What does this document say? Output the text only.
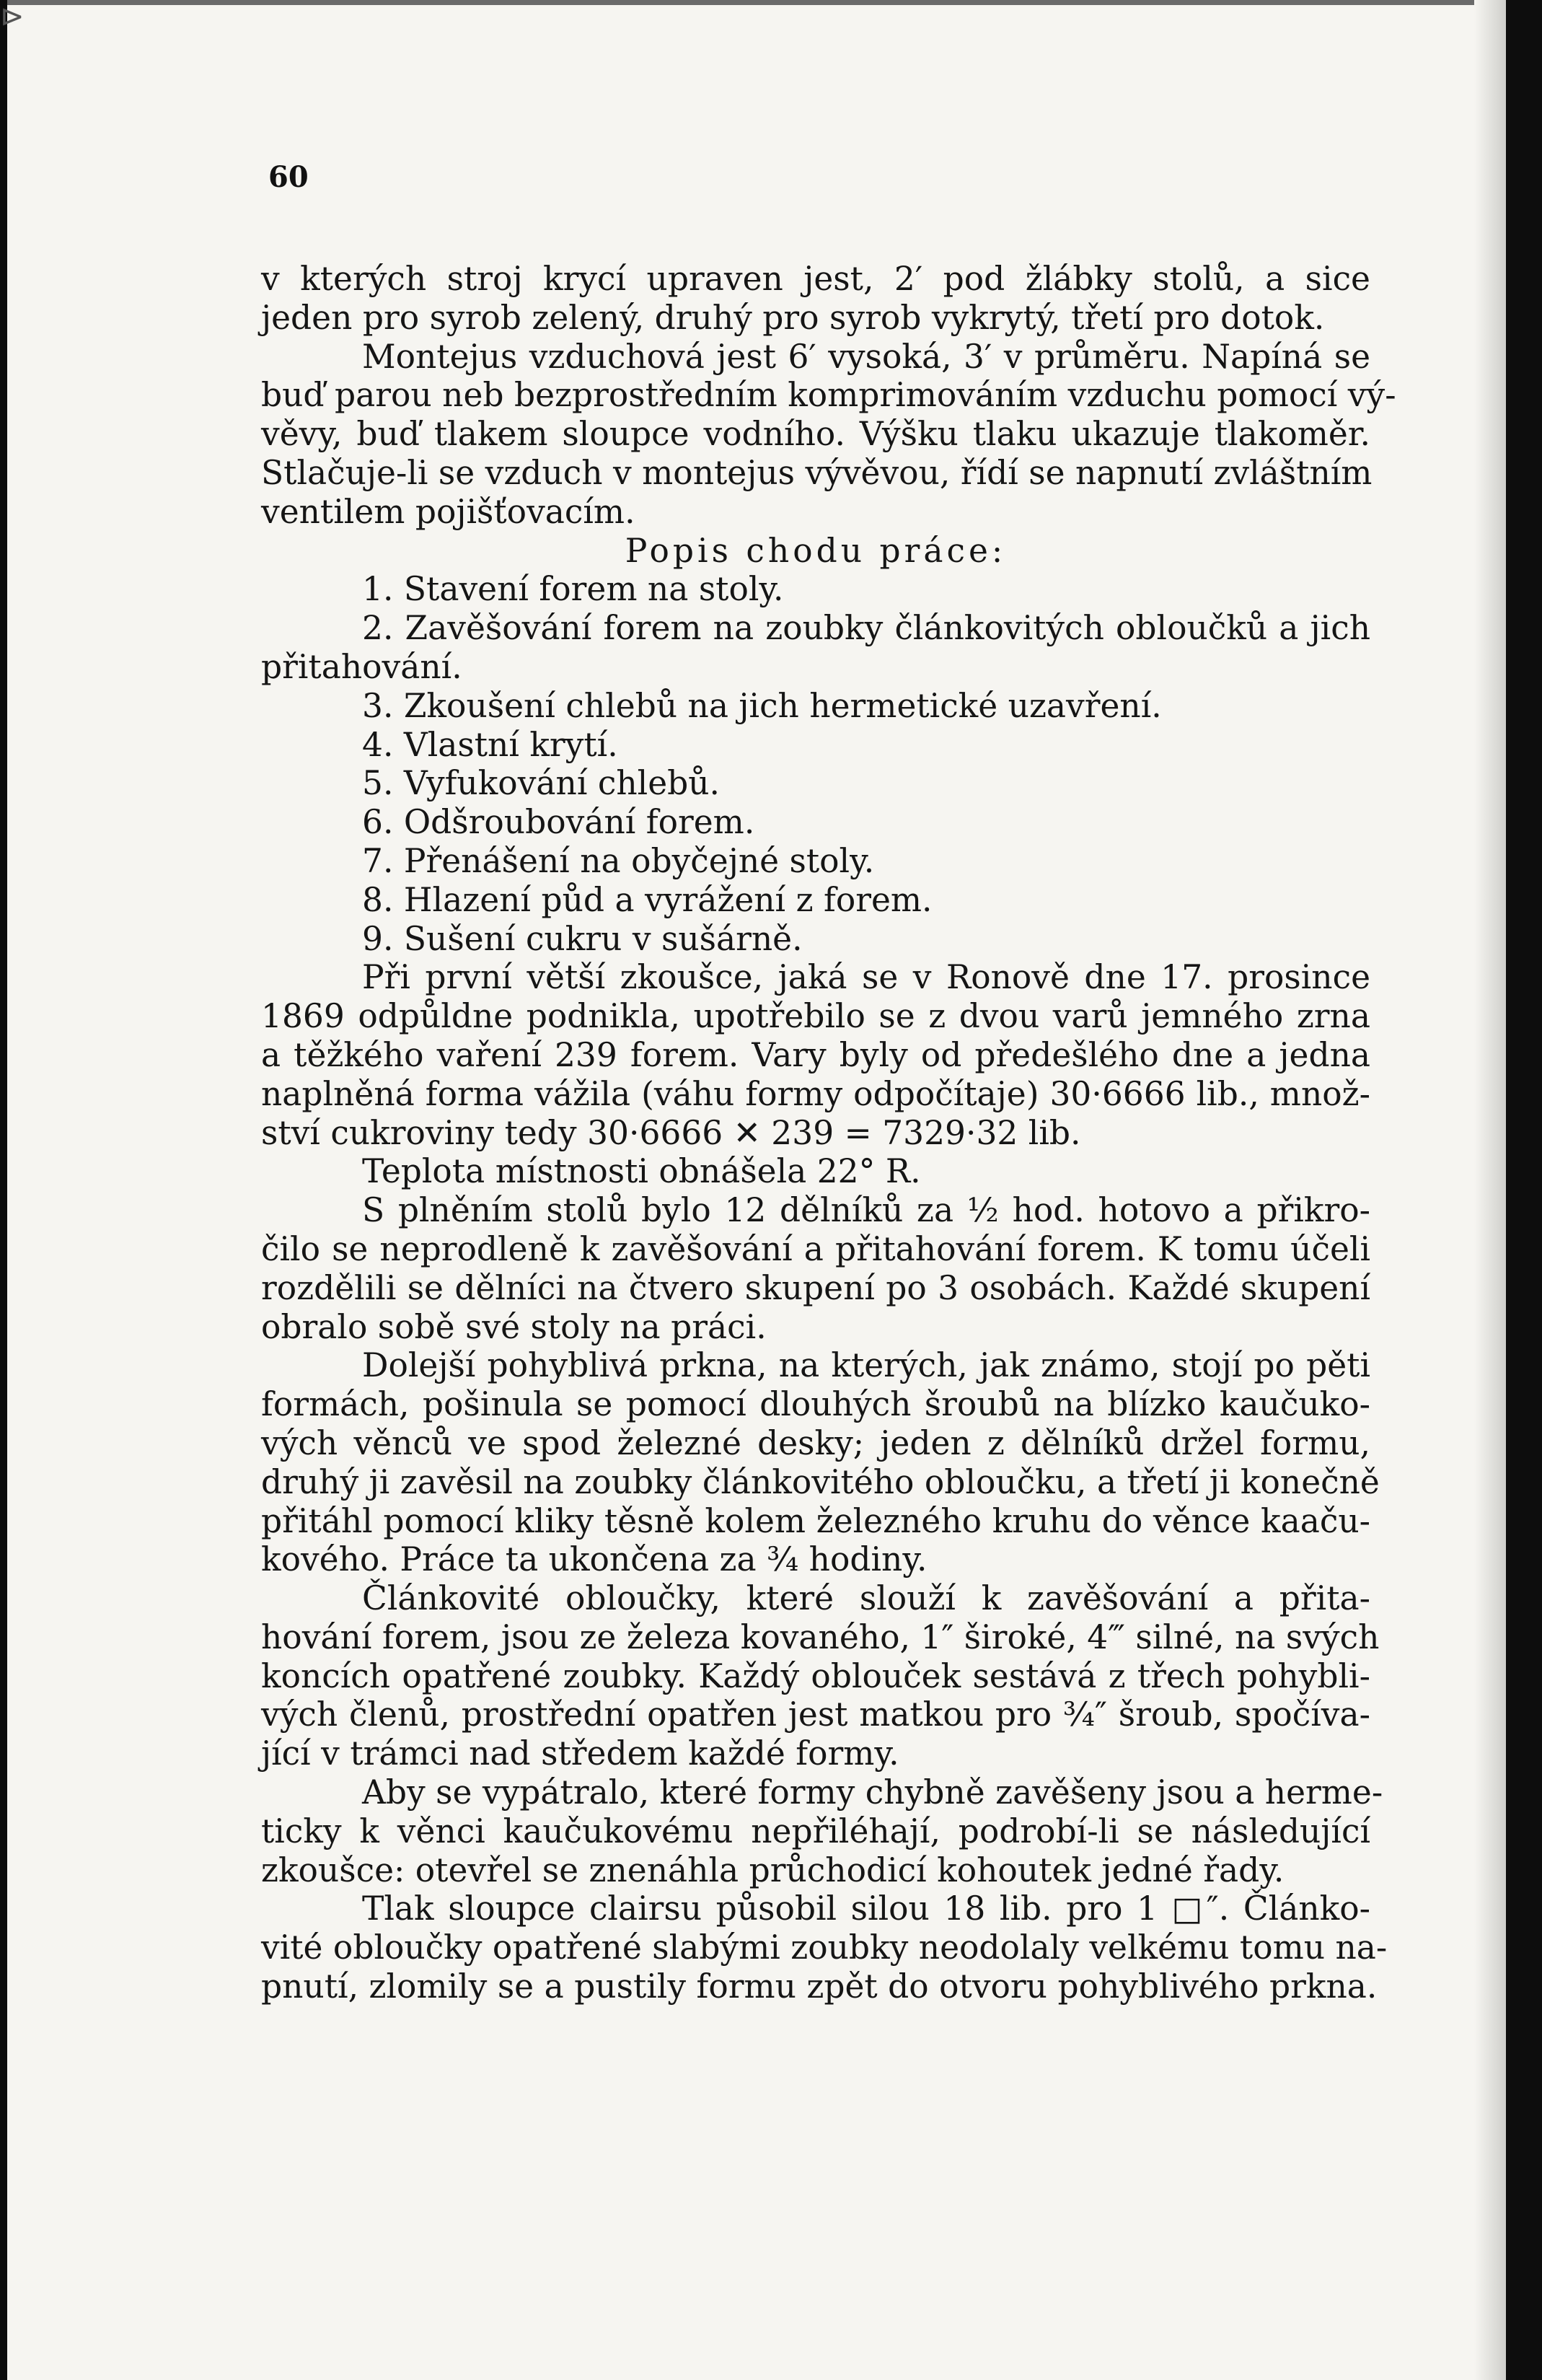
60
v kterých stroj krycí upraven jest, 2′ pod žlábky stolů, a sice
jeden pro syrob zelený, druhý pro syrob vykrytý, třetí pro dotok.
Montejus vzduchová jest 6′ vysoká, 3′ v průměru. Napíná se
buď parou neb bezprostředním komprimováním vzduchu pomocí vý-
věvy, buď tlakem sloupce vodního. Výšku tlaku ukazuje tlakoměr.
Stlačuje-li se vzduch v montejus vývěvou, řídí se napnutí zvláštním
ventilem pojišťovacím.
Popis chodu práce:
1. Stavení forem na stoly.
2. Zavěšování forem na zoubky článkovitých obloučků a jich
přitahování.
3. Zkoušení chlebů na jich hermetické uzavření.
4. Vlastní krytí.
5. Vyfukování chlebů.
6. Odšroubování forem.
7. Přenášení na obyčejné stoly.
8. Hlazení půd a vyrážení z forem.
9. Sušení cukru v sušárně.
Při první větší zkoušce, jaká se v Ronově dne 17. prosince
1869 odpůldne podnikla, upotřebilo se z dvou varů jemného zrna
a těžkého vaření 239 forem. Vary byly od předešlého dne a jedna
naplněná forma vážila (váhu formy odpočítaje) 30·6666 lib., množ-
ství cukroviny tedy 30·6666 ✕ 239 = 7329·32 lib.
Teplota místnosti obnášela 22° R.
S plněním stolů bylo 12 dělníků za ½ hod. hotovo a přikro-
čilo se neprodleně k zavěšování a přitahování forem. K tomu účeli
rozdělili se dělníci na čtvero skupení po 3 osobách. Každé skupení
obralo sobě své stoly na práci.
Dolejší pohyblivá prkna, na kterých, jak známo, stojí po pěti
formách, pošinula se pomocí dlouhých šroubů na blízko kaučuko-
vých věnců ve spod železné desky; jeden z dělníků držel formu,
druhý ji zavěsil na zoubky článkovitého obloučku, a třetí ji konečně
přitáhl pomocí kliky těsně kolem železného kruhu do věnce kaaču-
kového. Práce ta ukončena za ¾ hodiny.
Článkovité obloučky, které slouží k zavěšování a přita-
hování forem, jsou ze železa kovaného, 1″ široké, 4‴ silné, na svých
koncích opatřené zoubky. Každý oblouček sestává z třech pohybli-
vých členů, prostřední opatřen jest matkou pro ¾″ šroub, spočíva-
jící v trámci nad středem každé formy.
Aby se vypátralo, které formy chybně zavěšeny jsou a herme-
ticky k věnci kaučukovému nepřiléhají, podrobí-li se následující
zkoušce: otevřel se znenáhla průchodicí kohoutek jedné řady.
Tlak sloupce clairsu působil silou 18 lib. pro 1 □″. Článko-
vité obloučky opatřené slabými zoubky neodolaly velkému tomu na-
pnutí, zlomily se a pustily formu zpět do otvoru pohyblivého prkna.
⊳
